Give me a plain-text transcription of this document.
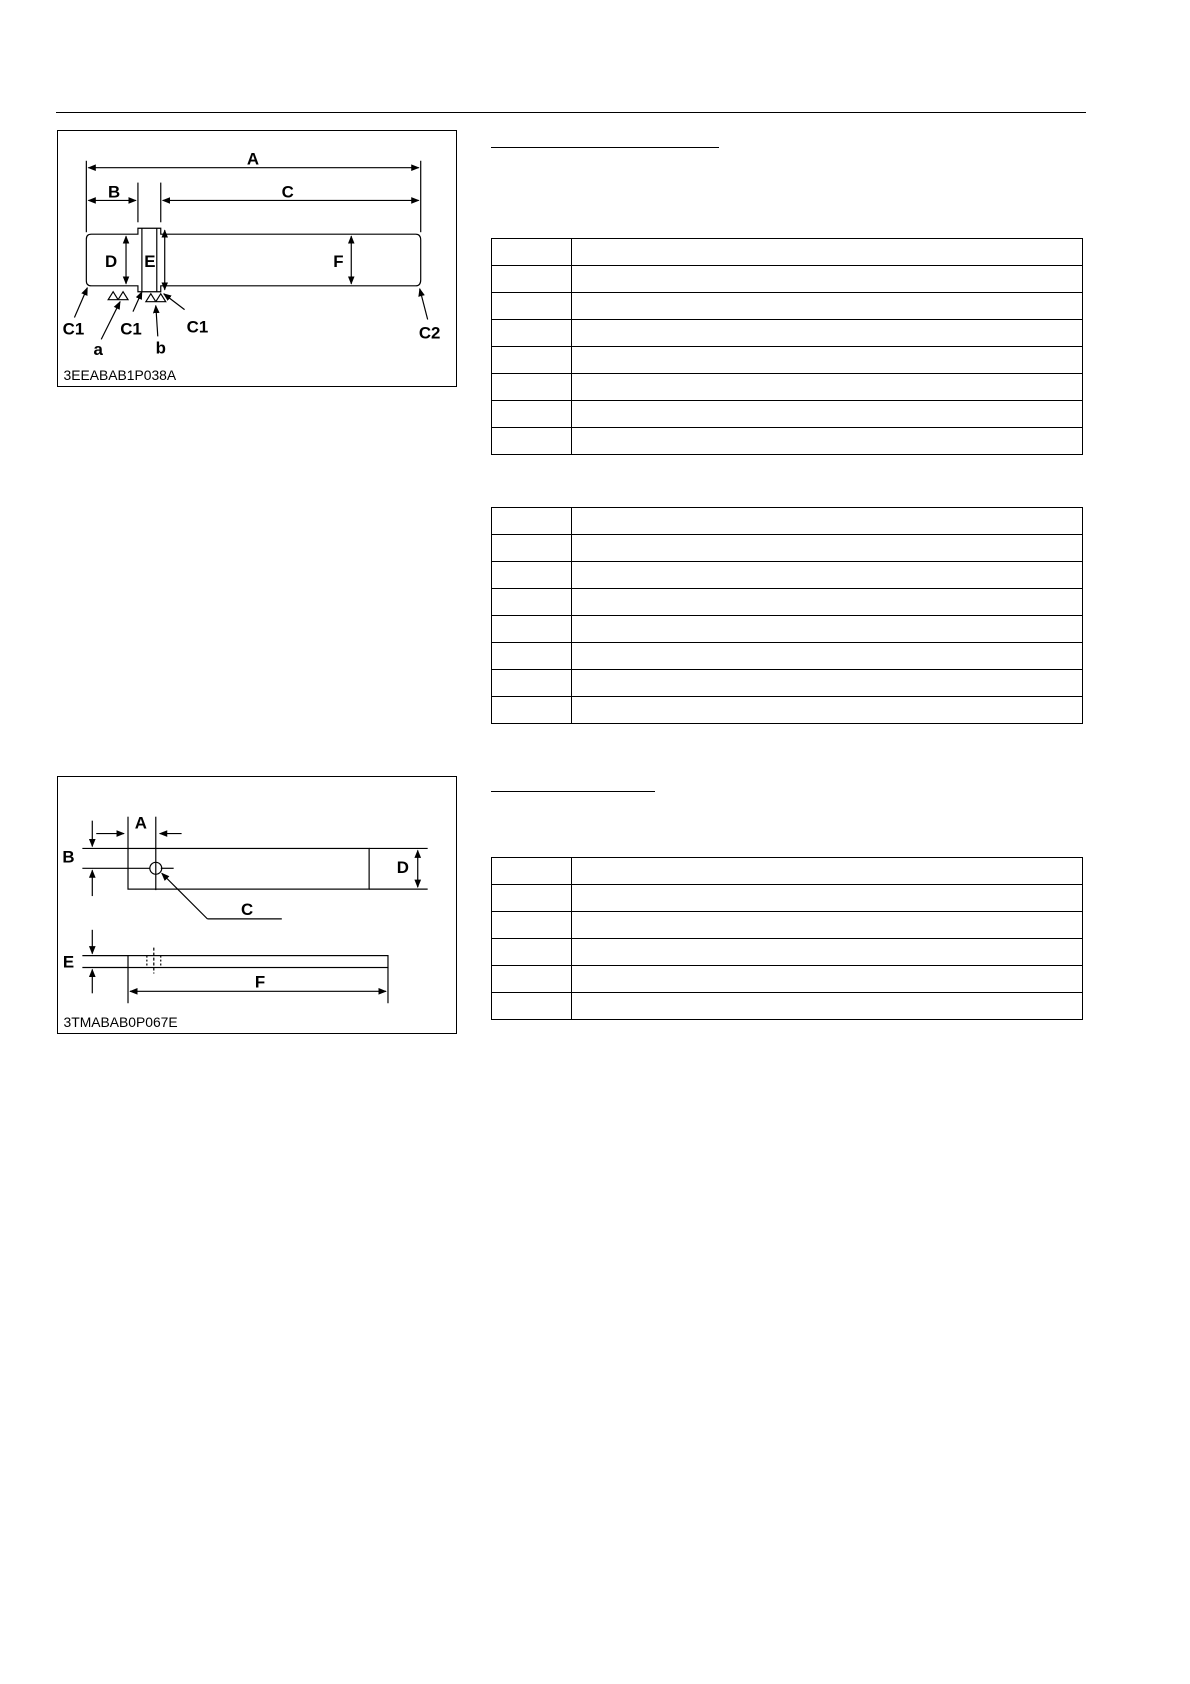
A
B	C
D E	F
C1 C1	C1	C2
a	b
3EEABAB1P038A
A
B
C
D
E
F
3TMABAB0P067E
